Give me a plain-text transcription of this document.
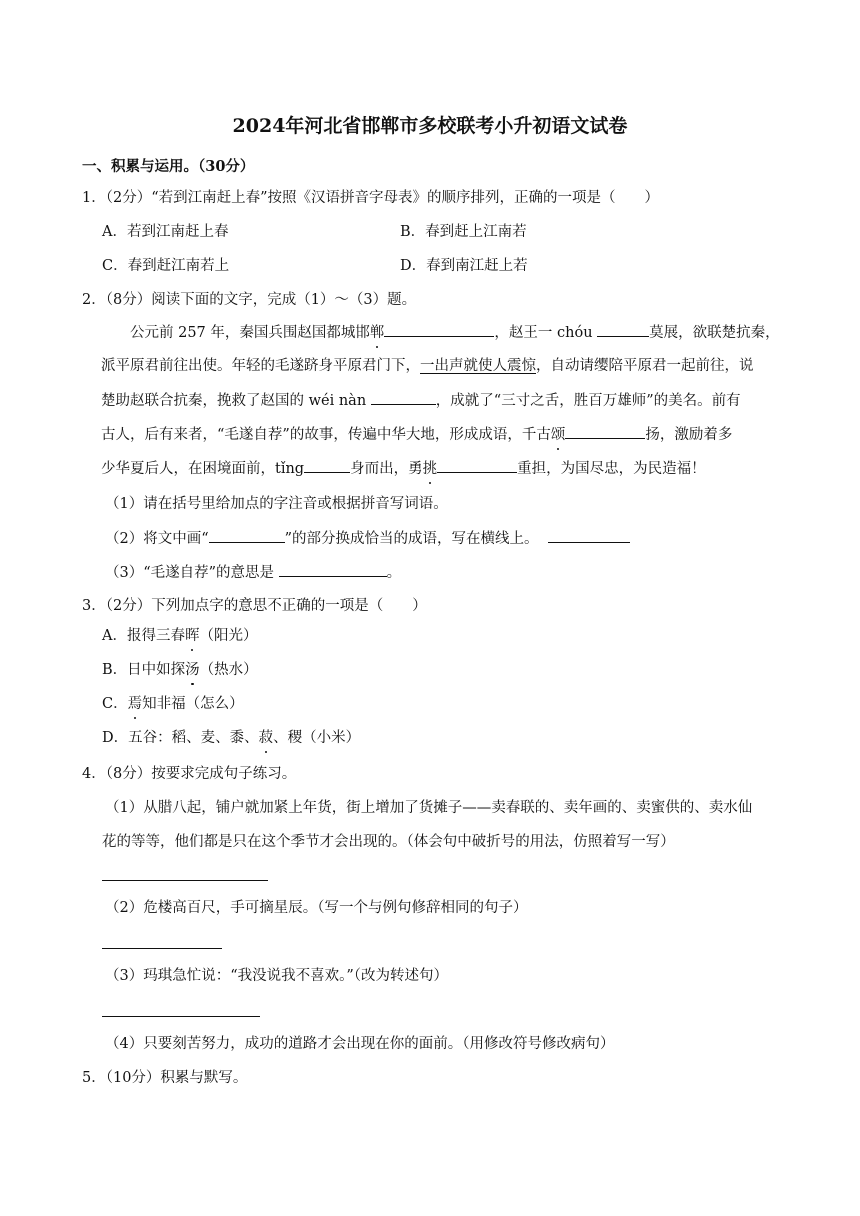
2024年河北省邯郸市多校联考小升初语文试卷
一、积累与运用。（30分）
1．（2分）“若到江南赶上春”按照《汉语拼音字母表》的顺序排列，正确的一项是（　　）
A．若到江南赶上春	B．春到赶上江南若
C．春到赶江南若上	D．春到南江赶上若
2．（8分）阅读下面的文字，完成（1）～（3）题。
公元前 257 年，秦国兵围赵国都城邯郸	，赵王一 chóu	莫展，欲联楚抗秦，
派平原君前往出使。年轻的毛遂跻身平原君门下，一出声就使人震惊，自动请缨陪平原君一起前往，说
楚助赵联合抗秦，挽救了赵国的 wéi nàn	，成就了“三寸之舌，胜百万雄师”的美名。前有
古人，后有来者，“毛遂自荐”的故事，传遍中华大地，形成成语，千古颂	扬，激励着多
少华夏后人，在困境面前，tǐng	身而出，勇挑	重担，为国尽忠，为民造福！
（1）请在括号里给加点的字注音或根据拼音写词语。
（2）将文中画“	”的部分换成恰当的成语，写在横线上。
（3）“毛遂自荐”的意思是	。
3．（2分）下列加点字的意思不正确的一项是（　　）
A．报得三春晖（阳光）
B．日中如探汤（热水）
C．焉知非福（怎么）
D．五谷：稻、麦、黍、菽、稷（小米）
4．（8分）按要求完成句子练习。
（1）从腊八起，铺户就加紧上年货，街上增加了货摊子——卖春联的、卖年画的、卖蜜供的、卖水仙
花的等等，他们都是只在这个季节才会出现的。（体会句中破折号的用法，仿照着写一写）
（2）危楼高百尺，手可摘星辰。（写一个与例句修辞相同的句子）
（3）玛琪急忙说：“我没说我不喜欢。”（改为转述句）
（4）只要刻苦努力，成功的道路才会出现在你的面前。（用修改符号修改病句）
5．（10分）积累与默写。
